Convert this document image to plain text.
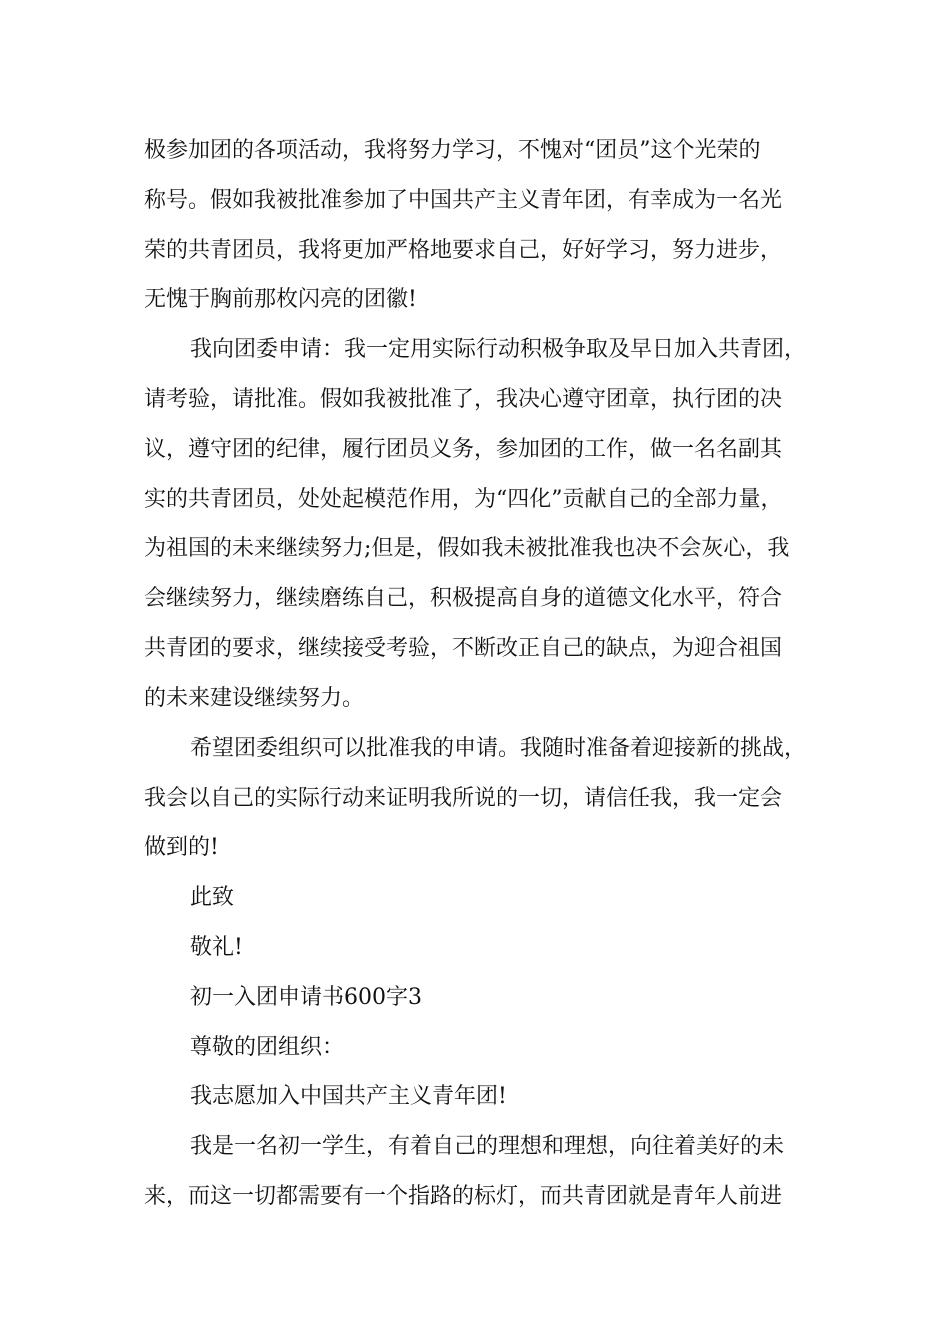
极参加团的各项活动，我将努力学习，不愧对“团员”这个光荣的
称号。假如我被批准参加了中国共产主义青年团，有幸成为一名光
荣的共青团员，我将更加严格地要求自己，好好学习，努力进步，
无愧于胸前那枚闪亮的团徽!
我向团委申请：我一定用实际行动积极争取及早日加入共青团，
请考验，请批准。假如我被批准了，我决心遵守团章，执行团的决
议，遵守团的纪律，履行团员义务，参加团的工作，做一名名副其
实的共青团员，处处起模范作用，为“四化”贡献自己的全部力量，
为祖国的未来继续努力;但是，假如我未被批准我也决不会灰心，我
会继续努力，继续磨练自己，积极提高自身的道德文化水平，符合
共青团的要求，继续接受考验，不断改正自己的缺点，为迎合祖国
的未来建设继续努力。
希望团委组织可以批准我的申请。我随时准备着迎接新的挑战，
我会以自己的实际行动来证明我所说的一切，请信任我，我一定会
做到的!
此致
敬礼!
初一入团申请书600字3
尊敬的团组织：
我志愿加入中国共产主义青年团!
我是一名初一学生，有着自己的理想和理想，向往着美好的未
来，而这一切都需要有一个指路的标灯，而共青团就是青年人前进
